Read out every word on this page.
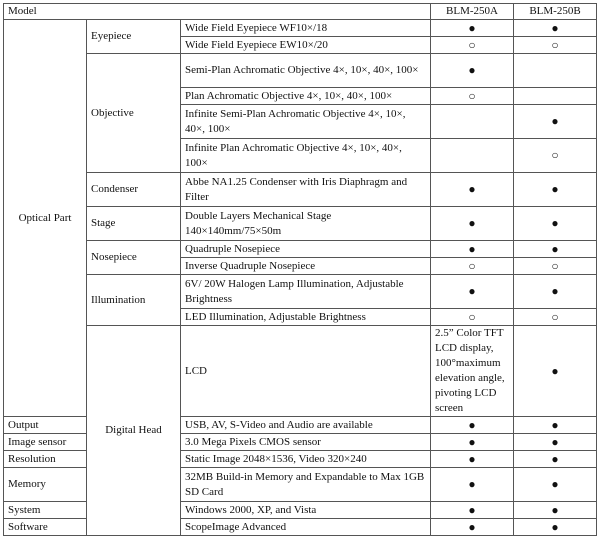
Model			BLM-250A	BLM-250B	
Optical Part	Eyepiece	Wide Field Eyepiece WF10×/18	●	●	
		Wide Field Eyepiece EW10×/20	○	○	
	Objective	Semi-Plan Achromatic Objective 4×, 10×, 40×, 100×	●		
		Plan Achromatic Objective 4×, 10×, 40×, 100×	○		
		Infinite Semi-Plan Achromatic Objective 4×, 10×, 40×, 100×		●	
		Infinite Plan Achromatic Objective 4×, 10×, 40×, 100×		○	
	Condenser	Abbe NA1.25 Condenser with Iris Diaphragm and Filter	●	●	
	Stage	Double Layers Mechanical Stage 140×140mm/75×50m	●	●	
	Nosepiece	Quadruple Nosepiece	●	●	
		Inverse Quadruple Nosepiece	○	○	
	Illumination	6V/ 20W Halogen Lamp Illumination, Adjustable Brightness	●	●	
		LED Illumination, Adjustable Brightness	○	○	
	Digital Head	LCD	2.5” Color TFT LCD display, 100°maximum elevation angle, pivoting LCD screen	●	
Output		USB, AV, S-Video and Audio are available	●	●	
Image sensor		3.0 Mega Pixels CMOS sensor	●	●	
Resolution		Static Image 2048×1536, Video 320×240	●	●	
Memory		32MB Build-in Memory and Expandable to Max 1GB SD Card	●	●	
System		Windows 2000, XP, and Vista	●	●	
Software		ScopeImage Advanced	●	●	
